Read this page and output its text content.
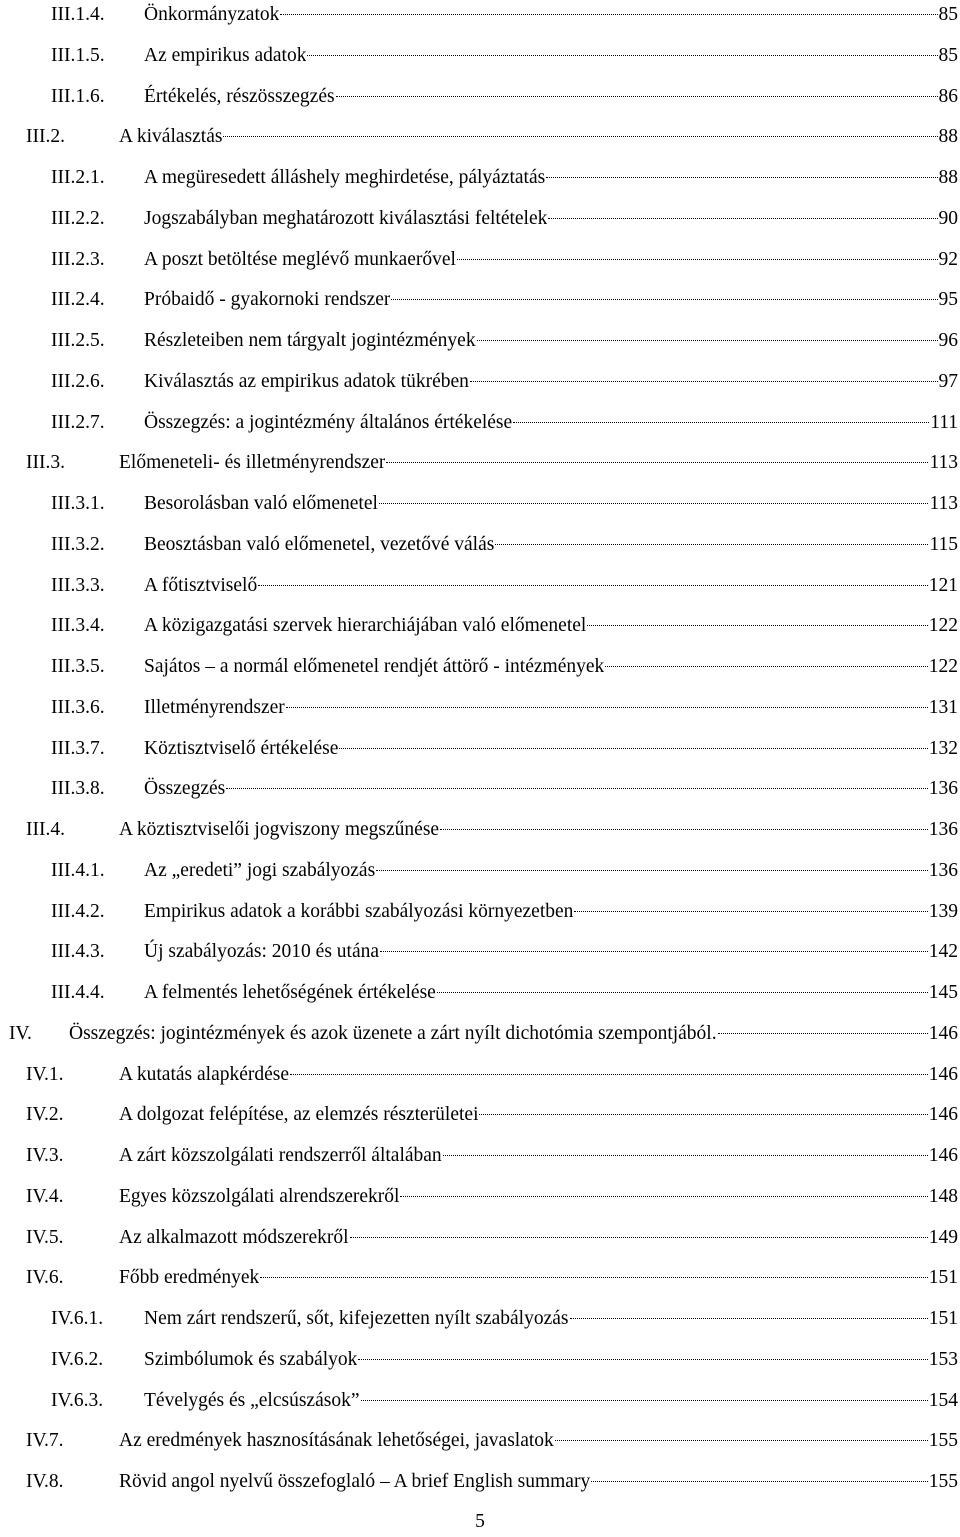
III.1.4.	Önkormányzatok	85
III.1.5.	Az empirikus adatok	85
III.1.6.	Értékelés, részösszegzés	86
III.2.	A kiválasztás	88
III.2.1.	A megüresedett álláshely meghirdetése, pályáztatás	88
III.2.2.	Jogszabályban meghatározott kiválasztási feltételek	90
III.2.3.	A poszt betöltése meglévő munkaerővel	92
III.2.4.	Próbaidő - gyakornoki rendszer	95
III.2.5.	Részleteiben nem tárgyalt jogintézmények	96
III.2.6.	Kiválasztás az empirikus adatok tükrében	97
III.2.7.	Összegzés: a jogintézmény általános értékelése	111
III.3.	Előmeneteli- és illetményrendszer	113
III.3.1.	Besorolásban való előmenetel	113
III.3.2.	Beosztásban való előmenetel, vezetővé válás	115
III.3.3.	A főtisztviselő	121
III.3.4.	A közigazgatási szervek hierarchiájában való előmenetel	122
III.3.5.	Sajátos – a normál előmenetel rendjét áttörő - intézmények	122
III.3.6.	Illetményrendszer	131
III.3.7.	Köztisztviselő értékelése	132
III.3.8.	Összegzés	136
III.4.	A köztisztviselői jogviszony megszűnése	136
III.4.1.	Az „eredeti” jogi szabályozás	136
III.4.2.	Empirikus adatok a korábbi szabályozási környezetben	139
III.4.3.	Új szabályozás: 2010 és utána	142
III.4.4.	A felmentés lehetőségének értékelése	145
IV.	Összegzés: jogintézmények és azok üzenete a zárt nyílt dichotómia szempontjából.	146
IV.1.	A kutatás alapkérdése	146
IV.2.	A dolgozat felépítése, az elemzés részterületei	146
IV.3.	A zárt közszolgálati rendszerről általában	146
IV.4.	Egyes közszolgálati alrendszerekről	148
IV.5.	Az alkalmazott módszerekről	149
IV.6.	Főbb eredmények	151
IV.6.1.	Nem zárt rendszerű, sőt, kifejezetten nyílt szabályozás	151
IV.6.2.	Szimbólumok és szabályok	153
IV.6.3.	Tévelygés és „elcsúszások”	154
IV.7.	Az eredmények hasznosításának lehetőségei, javaslatok	155
IV.8.	Rövid angol nyelvű összefoglaló – A brief English summary	155
5
